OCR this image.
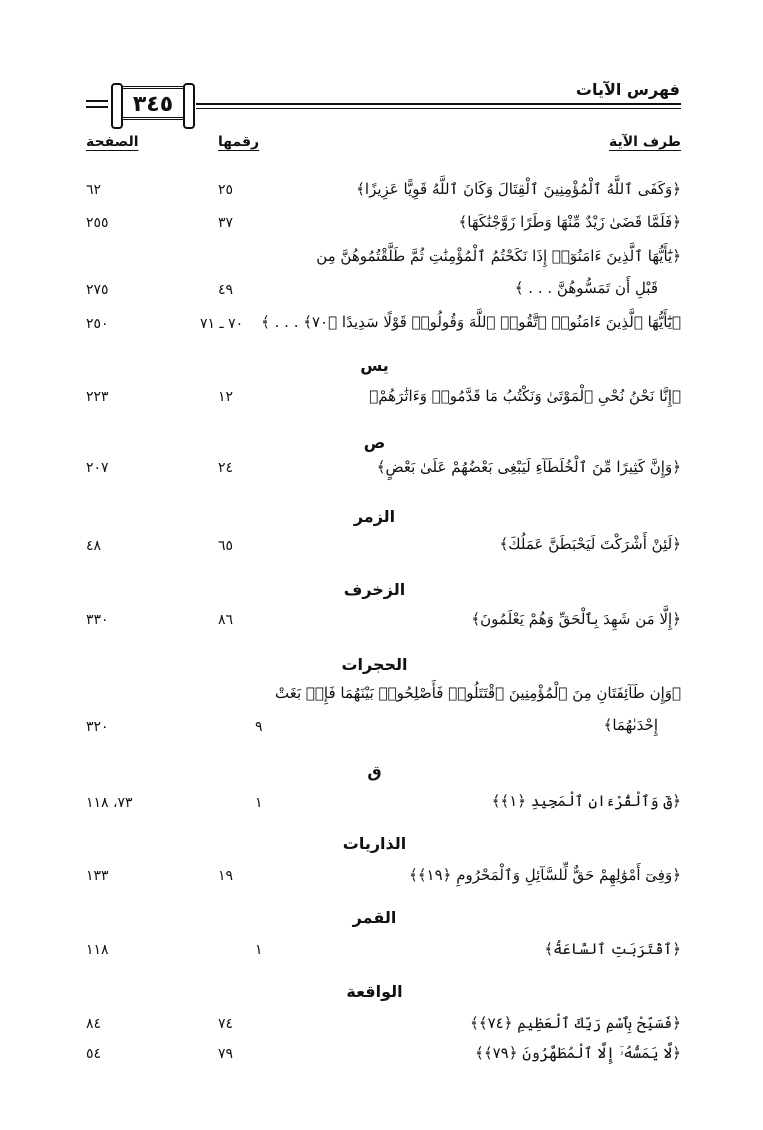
فهرس الآيات
٣٤٥
طرف الآية
رقمها
الصفحة
﴿وَكَفَى ٱللَّهُ ٱلْمُؤْمِنِينَ ٱلْقِتَالَ وَكَانَ ٱللَّهُ قَوِيًّا عَزِيزًا﴾
٢٥
٦٢
﴿فَلَمَّا قَضَىٰ زَيْدٌ مِّنْهَا وَطَرًا زَوَّجْنَٰكَهَا﴾
٣٧
٢٥٥
﴿يَٰٓأَيُّهَا ٱلَّذِينَ ءَامَنُوٓا۟ إِذَا نَكَحْتُمُ ٱلْمُؤْمِنَٰتِ ثُمَّ طَلَّقْتُمُوهُنَّ مِن
قَبْلِ أَن تَمَسُّوهُنَّ . . . ﴾
٤٩
٢٧٥
﴿يَٰٓأَيُّهَا ٱلَّذِينَ ءَامَنُوا۟ ٱتَّقُوا۟ ٱللَّهَ وَقُولُوا۟ قَوْلًا سَدِيدًا ﴿٧٠﴾ . . . ﴾
٧٠ ـ ٧١
٢٥٠
يس
﴿إِنَّا نَحْنُ نُحْىِ ٱلْمَوْتَىٰ وَنَكْتُبُ مَا قَدَّمُوا۟ وَءَاثَٰرَهُمْ﴾
١٢
٢٢٣
ص
﴿وَإِنَّ كَثِيرًا مِّنَ ٱلْخُلَطَآءِ لَيَبْغِى بَعْضُهُمْ عَلَىٰ بَعْضٍ﴾
٢٤
٢٠٧
الزمر
﴿لَئِنْ أَشْرَكْتَ لَيَحْبَطَنَّ عَمَلُكَ﴾
٦٥
٤٨
الزخرف
﴿إِلَّا مَن شَهِدَ بِٱلْحَقِّ وَهُمْ يَعْلَمُونَ﴾
٨٦
٣٣٠
الحجرات
﴿وَإِن طَآئِفَتَانِ مِنَ ٱلْمُؤْمِنِينَ ٱقْتَتَلُوا۟ فَأَصْلِحُوا۟ بَيْنَهُمَا فَإِنۢ بَغَتْ
إِحْدَىٰهُمَا﴾
٩
٣٢٠
ق
﴿قٓ وَٱلْقُرْءَانِ ٱلْمَجِيدِ ﴿١﴾﴾
١
٧٣، ١١٨
الذاريات
﴿وَفِىٓ أَمْوَٰلِهِمْ حَقٌّ لِّلسَّآئِلِ وَٱلْمَحْرُومِ ﴿١٩﴾﴾
١٩
١٣٣
القمر
﴿ٱقْتَرَبَتِ ٱلسَّاعَةُ﴾
١
١١٨
الواقعة
﴿فَسَبِّحْ بِٱسْمِ رَبِّكَ ٱلْعَظِيمِ ﴿٧٤﴾﴾
٧٤
٨٤
﴿لَّا يَمَسُّهُۥٓ إِلَّا ٱلْمُطَهَّرُونَ ﴿٧٩﴾﴾
٧٩
٥٤
